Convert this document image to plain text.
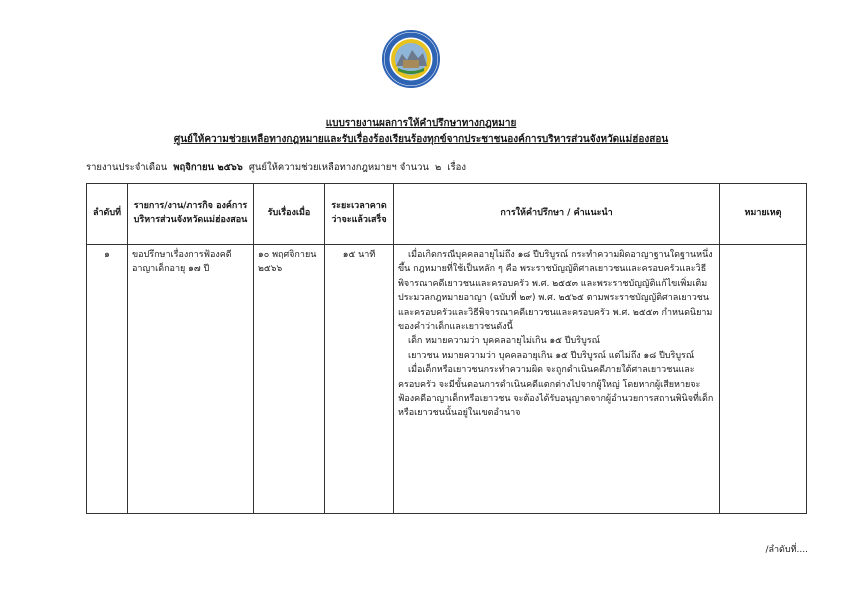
แบบรายงานผลการให้คำปรึกษาทางกฎหมาย
ศูนย์ให้ความช่วยเหลือทางกฎหมายและรับเรื่องร้องเรียนร้องทุกข์จากประชาชนองค์การบริหารส่วนจังหวัดแม่ฮ่องสอน
รายงานประจำเดือน พฤจิกายน ๒๕๖๖ ศูนย์ให้ความช่วยเหลือทางกฎหมายฯ จำนวน ๒ เรื่อง
ลำดับที่	รายการ/งาน/ภารกิจ องค์การบริหารส่วนจังหวัดแม่ฮ่องสอน	รับเรื่องเมื่อ	ระยะเวลาคาดว่าจะแล้วเสร็จ	การให้คำปรึกษา / คำแนะนำ	หมายเหตุ
๑	ขอปรึกษาเรื่องการฟ้องคดีอาญาเด็กอายุ ๑๗ ปี	๑๐ พฤศจิกายน ๒๕๖๖	๑๕ นาที	เมื่อเกิดกรณีบุคคลอายุไม่ถึง ๑๘ ปีบริบูรณ์ กระทำความผิดอาญาฐานใดฐานหนึ่งขึ้น กฎหมายที่ใช้เป็นหลัก ๆ คือ พระราชบัญญัติศาลเยาวชนและครอบครัวและวิธีพิจารณาคดีเยาวชนและครอบครัว พ.ศ. ๒๕๕๓ และพระราชบัญญัติแก้ไขเพิ่มเติมประมวลกฎหมายอาญา (ฉบับที่ ๒๙) พ.ศ. ๒๕๖๕ ตามพระราชบัญญัติศาลเยาวชนและครอบครัวและวิธีพิจารณาคดีเยาวชนและครอบครัว พ.ศ. ๒๕๕๓ กำหนดนิยามของคำว่าเด็กและเยาวชนดังนี้

เด็ก หมายความว่า บุคคลอายุไม่เกิน ๑๕ ปีบริบูรณ์

เยาวชน หมายความว่า บุคคลอายุเกิน ๑๕ ปีบริบูรณ์ แต่ไม่ถึง ๑๘ ปีบริบูรณ์

เมื่อเด็กหรือเยาวชนกระทำความผิด จะถูกดำเนินคดีภายใต้ศาลเยาวชนและครอบครัว จะมีขั้นตอนการดำเนินคดีแตกต่างไปจากผู้ใหญ่ โดยหากผู้เสียหายจะฟ้องคดีอาญาเด็กหรือเยาวชน จะต้องได้รับอนุญาตจากผู้อำนวยการสถานพินิจที่เด็กหรือเยาวชนนั้นอยู่ในเขตอำนาจ	

/ลำดับที่....
